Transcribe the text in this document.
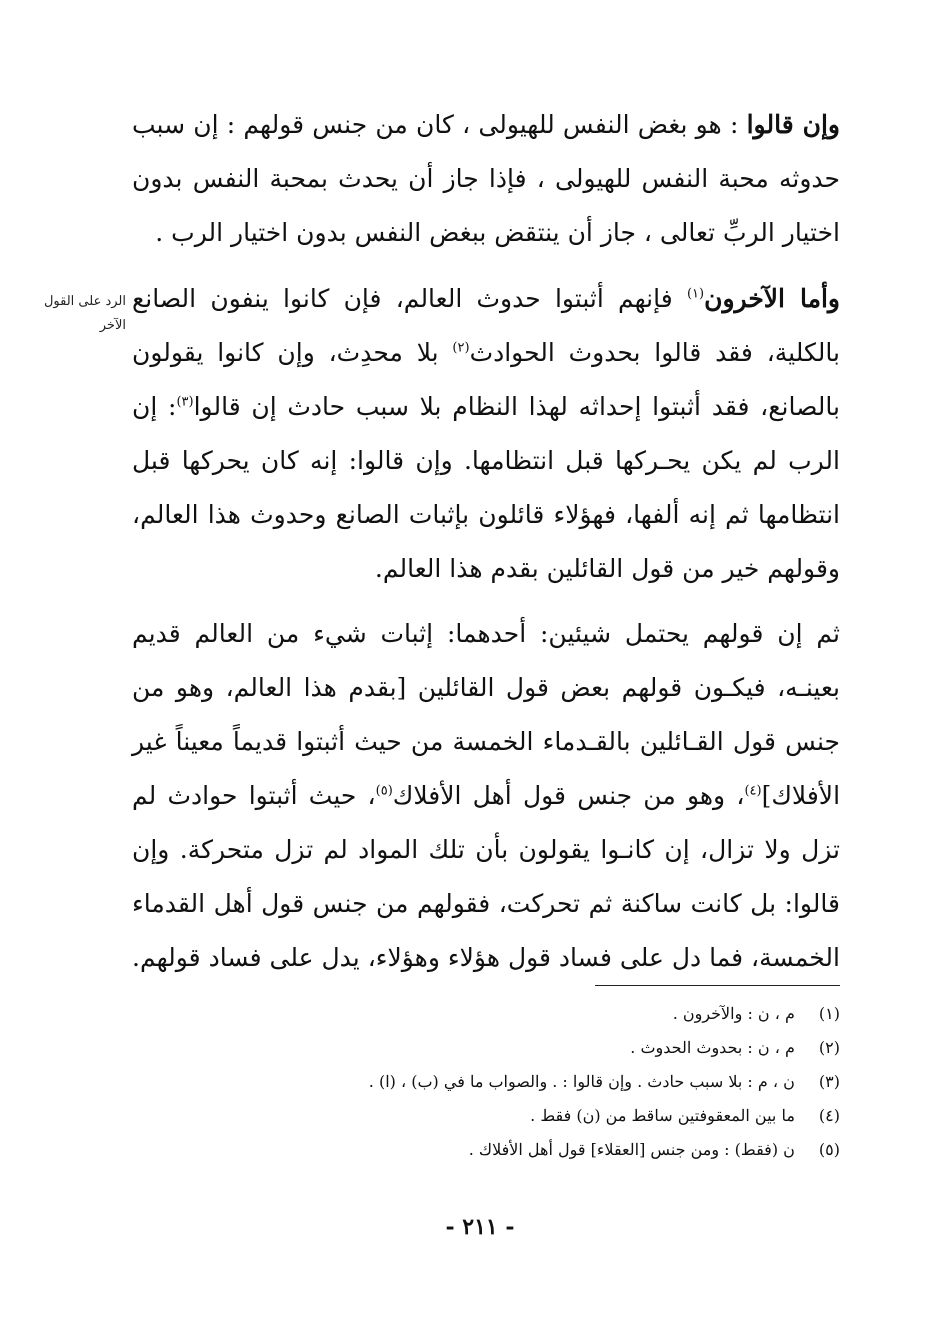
وإن قالوا : هو بغض النفس للهيولى ، كان من جنس قولهم : إن سبب حدوثه محبة النفس للهيولى ، فإذا جاز أن يحدث بمحبة النفس بدون اختيار الربِّ تعالى ، جاز أن ينتقض ببغض النفس بدون اختيار الرب .

الرد على القول الآخر

وأما الآخرون$^{(١)}$ فإنهم أثبتوا حدوث العالم، فإن كانوا ينفون الصانع بالكلية، فقد قالوا بحدوث الحوادث$^{(٢)}$ بلا محدِث، وإن كانوا يقولون بالصانع، فقد أثبتوا إحداثه لهذا النظام بلا سبب حادث إن قالوا$^{(٣)}$: إن الرب لم يكن يحـركها قبل انتظامها. وإن قالوا: إنه كان يحركها قبل انتظامها ثم إنه ألفها، فهؤلاء قائلون بإثبات الصانع وحدوث هذا العالم، وقولهم خير من قول القائلين بقدم هذا العالم.

ثم إن قولهم يحتمل شيئين: أحدهما: إثبات شيء من العالم قديم بعينـه، فيكـون قولهم بعض قول القائلين [بقدم هذا العالم، وهو من جنس قول القـائلين بالقـدماء الخمسة من حيث أثبتوا قديماً معيناً غير الأفلاك]$^{(٤)}$، وهو من جنس قول أهل الأفلاك$^{(٥)}$، حيث أثبتوا حوادث لم تزل ولا تزال، إن كانـوا يقولون بأن تلك المواد لم تزل متحركة. وإن قالوا: بل كانت ساكنة ثم تحركت، فقولهم من جنس قول أهل القدماء الخمسة، فما دل على فساد قول هؤلاء وهؤلاء، يدل على فساد قولهم.

(١) م ، ن : والآخرون .
(٢) م ، ن : بحدوث الحدوث .
(٣) ن ، م : بلا سبب حادث . وإن قالوا : . والصواب ما في (ب) ، (ا) .
(٤) ما بين المعقوفتين ساقط من (ن) فقط .
(٥) ن (فقط) : ومن جنس [العقلاء] قول أهل الأفلاك .
- ٢١١ -
